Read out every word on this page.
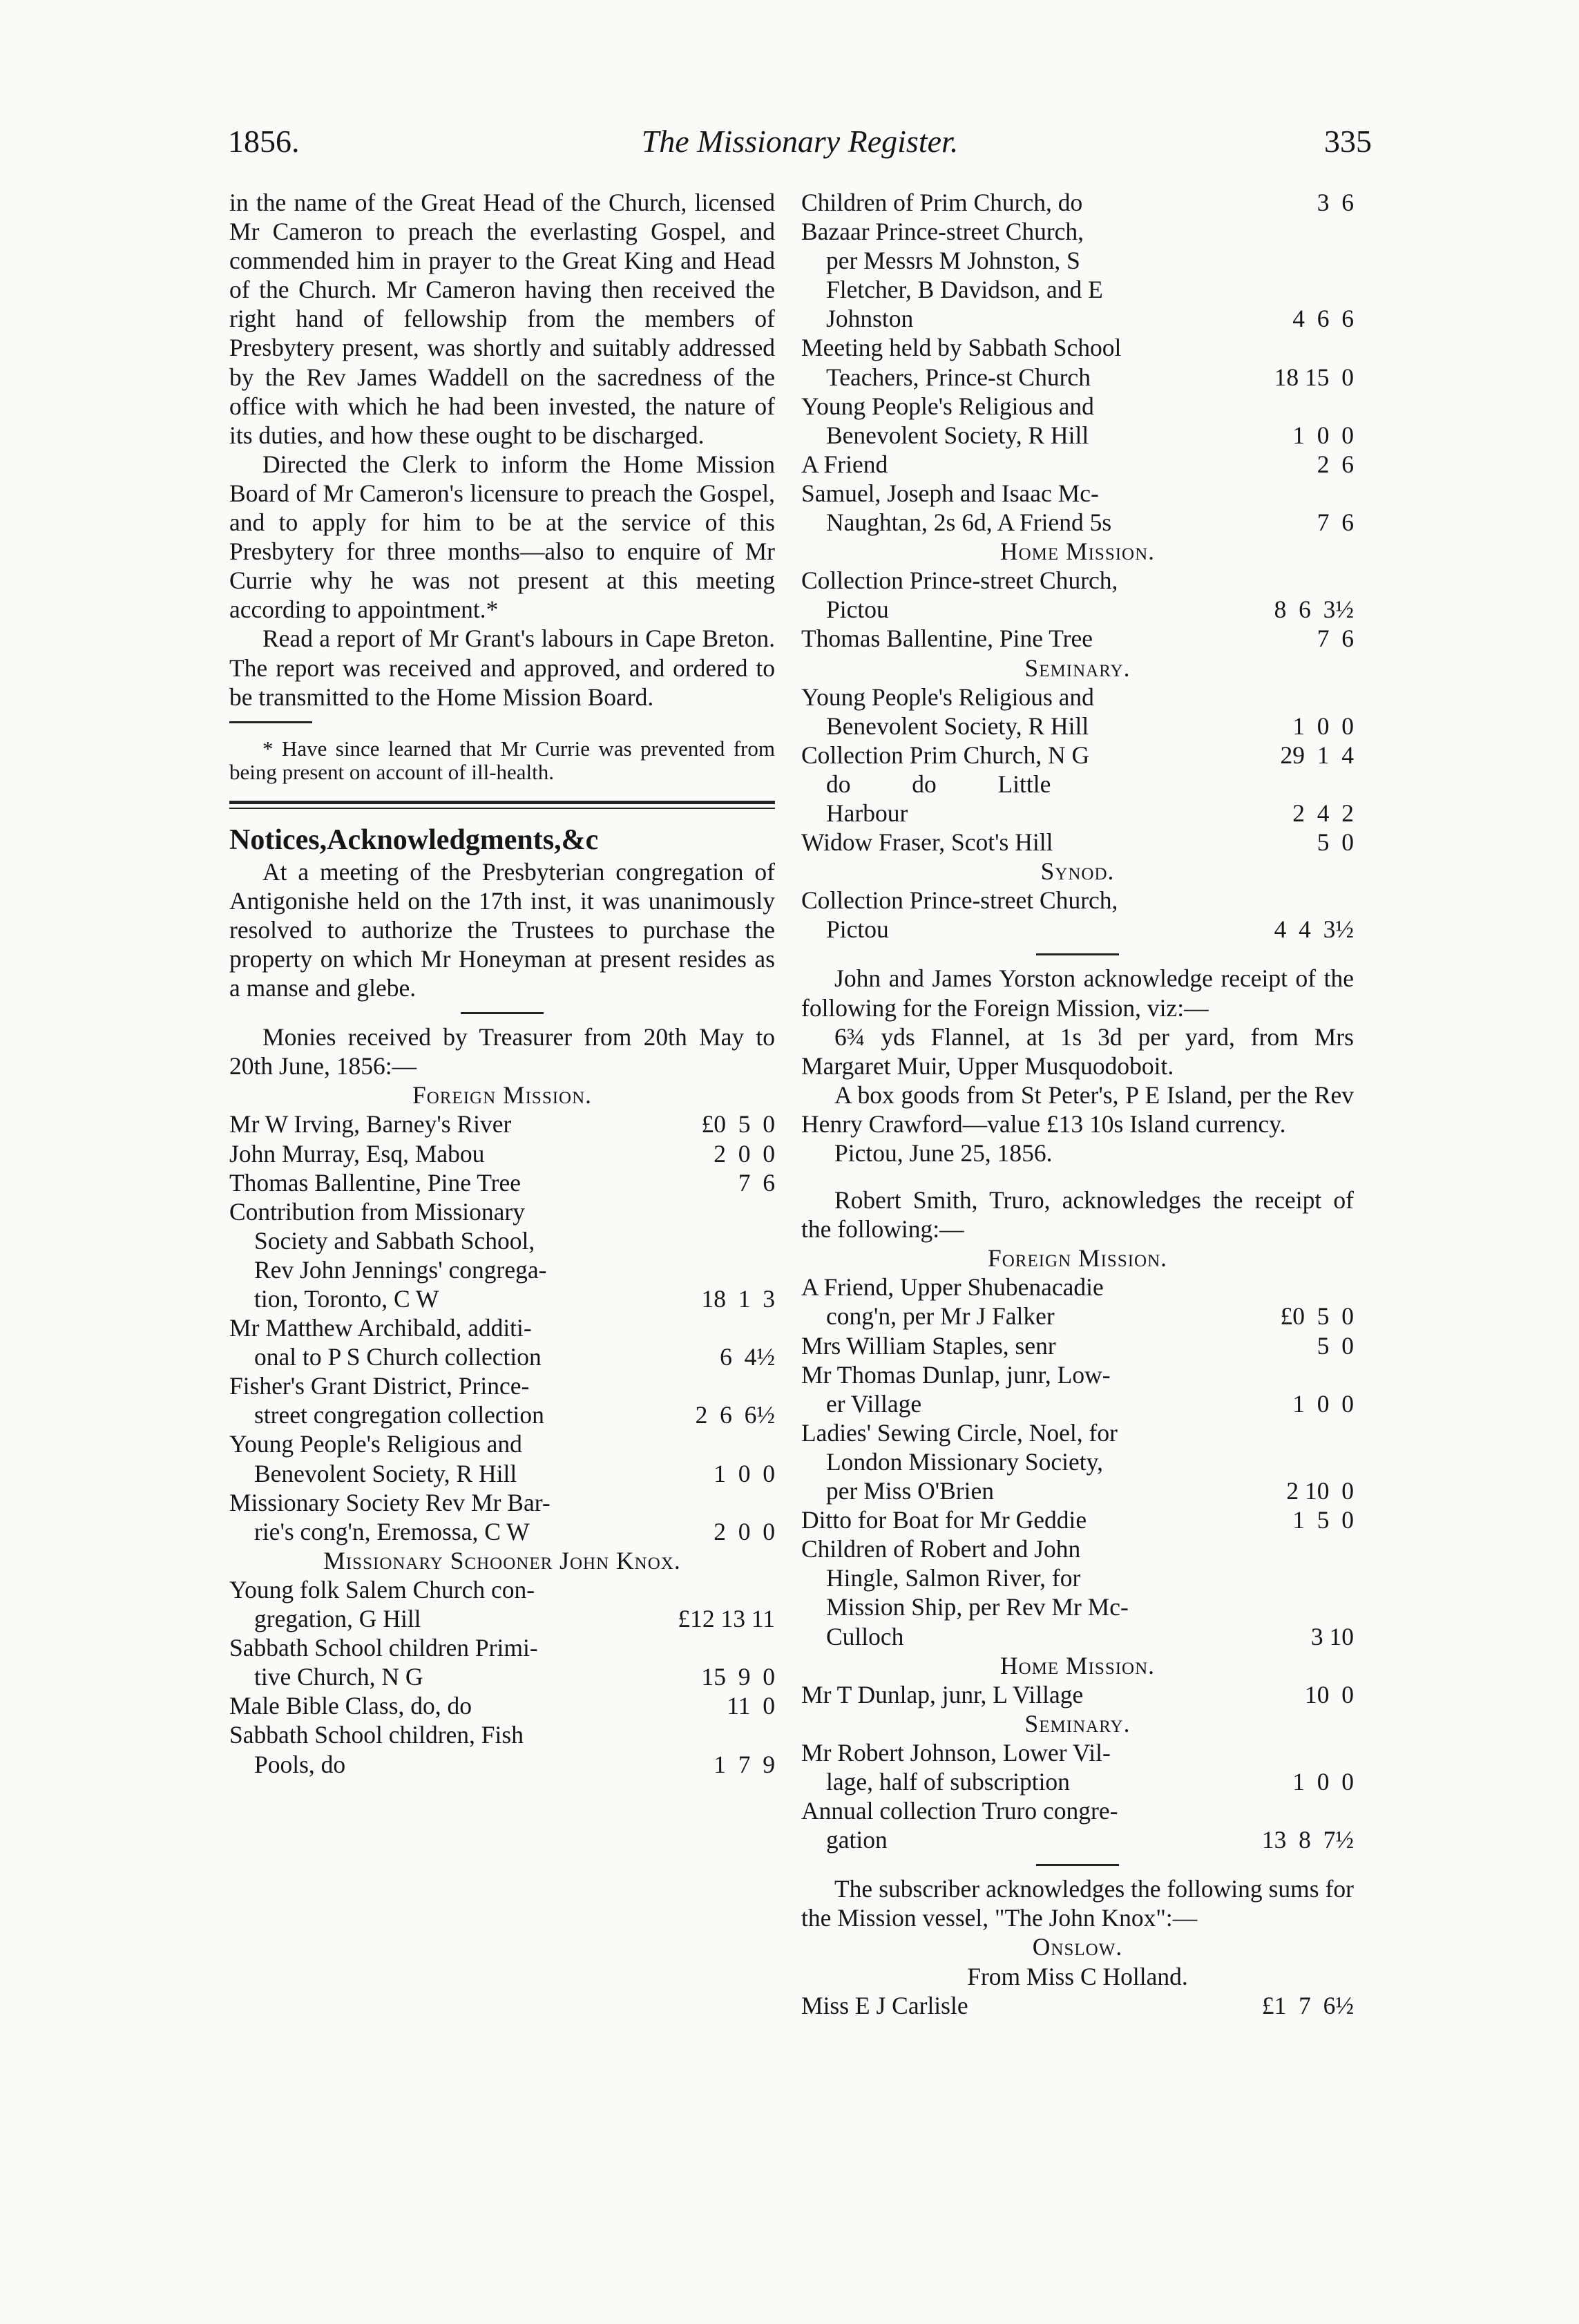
1856.	The Missionary Register.	335

in the name of the Great Head of the Church, licensed Mr Cameron to preach the everlasting Gospel, and commended him in prayer to the Great King and Head of the Church. Mr Cameron having then received the right hand of fellowship from the members of Presbytery present, was shortly and suitably addressed by the Rev James Waddell on the sacredness of the office with which he had been invested, the nature of its duties, and how these ought to be discharged.

Directed the Clerk to inform the Home Mission Board of Mr Cameron's licensure to preach the Gospel, and to apply for him to be at the service of this Presbytery for three months—also to enquire of Mr Currie why he was not present at this meeting according to appointment.*

Read a report of Mr Grant's labours in Cape Breton. The report was received and approved, and ordered to be transmitted to the Home Mission Board.

* Have since learned that Mr Currie was prevented from being present on account of ill-health.
Notices,Acknowledgments,&c

At a meeting of the Presbyterian congregation of Antigonishe held on the 17th inst, it was unanimously resolved to authorize the Trustees to purchase the property on which Mr Honeyman at present resides as a manse and glebe.

Monies received by Treasurer from 20th May to 20th June, 1856:—

Foreign Mission.
Mr W Irving, Barney's River	£0  5  0
John Murray, Esq, Mabou	2  0  0
Thomas Ballentine, Pine Tree	7  6
Contribution from Missionary
Society and Sabbath School,
Rev John Jennings' congrega-
tion, Toronto, C W	18  1  3
Mr Matthew Archibald, additi-
onal to P S Church collection	6  4½
Fisher's Grant District, Prince-
street congregation collection	2  6  6½
Young People's Religious and
Benevolent Society, R Hill	1  0  0
Missionary Society Rev Mr Bar-
rie's cong'n, Eremossa, C W	2  0  0
Missionary Schooner John Knox.
Young folk Salem Church con-
gregation, G Hill	£12 13 11
Sabbath School children Primi-
tive Church, N G	15  9  0
Male Bible Class, do, do	11  0
Sabbath School children, Fish
Pools, do	1  7  9
Children of Prim Church, do	3  6
Bazaar Prince-street Church,
per Messrs M Johnston, S
Fletcher, B Davidson, and E
Johnston	4  6  6
Meeting held by Sabbath School
Teachers, Prince-st Church	18 15  0
Young People's Religious and
Benevolent Society, R Hill	1  0  0
A Friend	2  6
Samuel, Joseph and Isaac Mc-
Naughtan, 2s 6d, A Friend 5s	7  6
Home Mission.
Collection Prince-street Church,
Pictou	8  6  3½
Thomas Ballentine, Pine Tree	7  6
Seminary.
Young People's Religious and
Benevolent Society, R Hill	1  0  0
Collection Prim Church, N G	29  1  4
do          do          Little
Harbour	2  4  2
Widow Fraser, Scot's Hill	5  0
Synod.
Collection Prince-street Church,
Pictou	4  4  3½

John and James Yorston acknowledge receipt of the following for the Foreign Mission, viz:—

6¾ yds Flannel, at 1s 3d per yard, from Mrs Margaret Muir, Upper Musquodoboit.

A box goods from St Peter's, P E Island, per the Rev Henry Crawford—value £13 10s Island currency.

Pictou, June 25, 1856.

Robert Smith, Truro, acknowledges the receipt of the following:—

Foreign Mission.
A Friend, Upper Shubenacadie
cong'n, per Mr J Falker	£0  5  0
Mrs William Staples, senr	5  0
Mr Thomas Dunlap, junr, Low-
er Village	1  0  0
Ladies' Sewing Circle, Noel, for
London Missionary Society,
per Miss O'Brien	2 10  0
Ditto for Boat for Mr Geddie	1  5  0
Children of Robert and John
Hingle, Salmon River, for
Mission Ship, per Rev Mr Mc-
Culloch	3 10
Home Mission.
Mr T Dunlap, junr, L Village	10  0
Seminary.
Mr Robert Johnson, Lower Vil-
lage, half of subscription	1  0  0
Annual collection Truro congre-
gation	13  8  7½

The subscriber acknowledges the following sums for the Mission vessel, "The John Knox":—

Onslow.
From Miss C Holland.
Miss E J Carlisle	£1  7  6½
